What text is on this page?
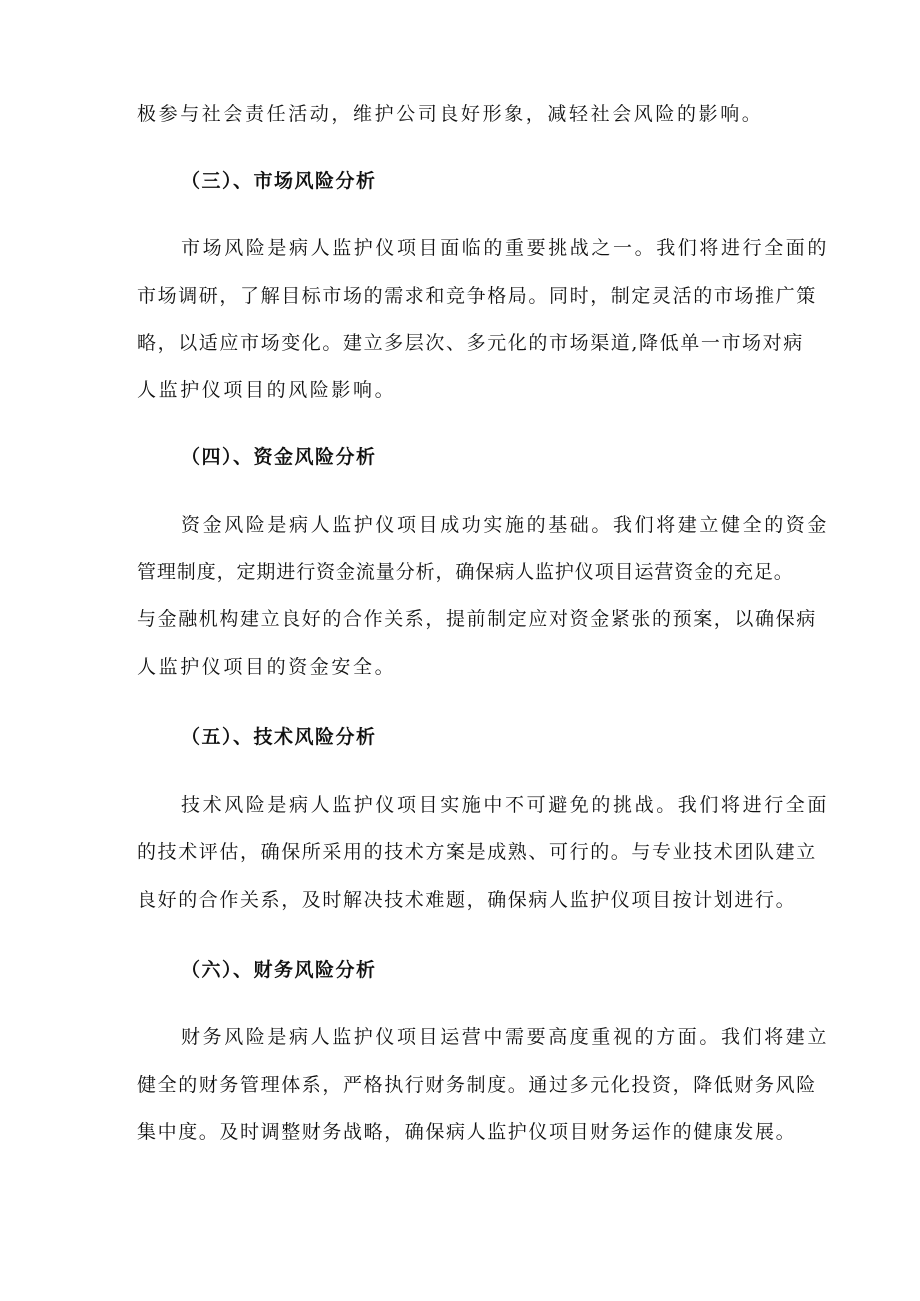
极参与社会责任活动，维护公司良好形象，减轻社会风险的影响。
（三）、市场风险分析
市场风险是病人监护仪项目面临的重要挑战之一。我们将进行全面的
市场调研，了解目标市场的需求和竞争格局。同时，制定灵活的市场推广策
略，以适应市场变化。建立多层次、多元化的市场渠道,降低单一市场对病
人监护仪项目的风险影响。
（四）、资金风险分析
资金风险是病人监护仪项目成功实施的基础。我们将建立健全的资金
管理制度，定期进行资金流量分析，确保病人监护仪项目运营资金的充足。
与金融机构建立良好的合作关系，提前制定应对资金紧张的预案，以确保病
人监护仪项目的资金安全。
（五）、技术风险分析
技术风险是病人监护仪项目实施中不可避免的挑战。我们将进行全面
的技术评估，确保所采用的技术方案是成熟、可行的。与专业技术团队建立
良好的合作关系，及时解决技术难题，确保病人监护仪项目按计划进行。
（六）、财务风险分析
财务风险是病人监护仪项目运营中需要高度重视的方面。我们将建立
健全的财务管理体系，严格执行财务制度。通过多元化投资，降低财务风险
集中度。及时调整财务战略，确保病人监护仪项目财务运作的健康发展。
